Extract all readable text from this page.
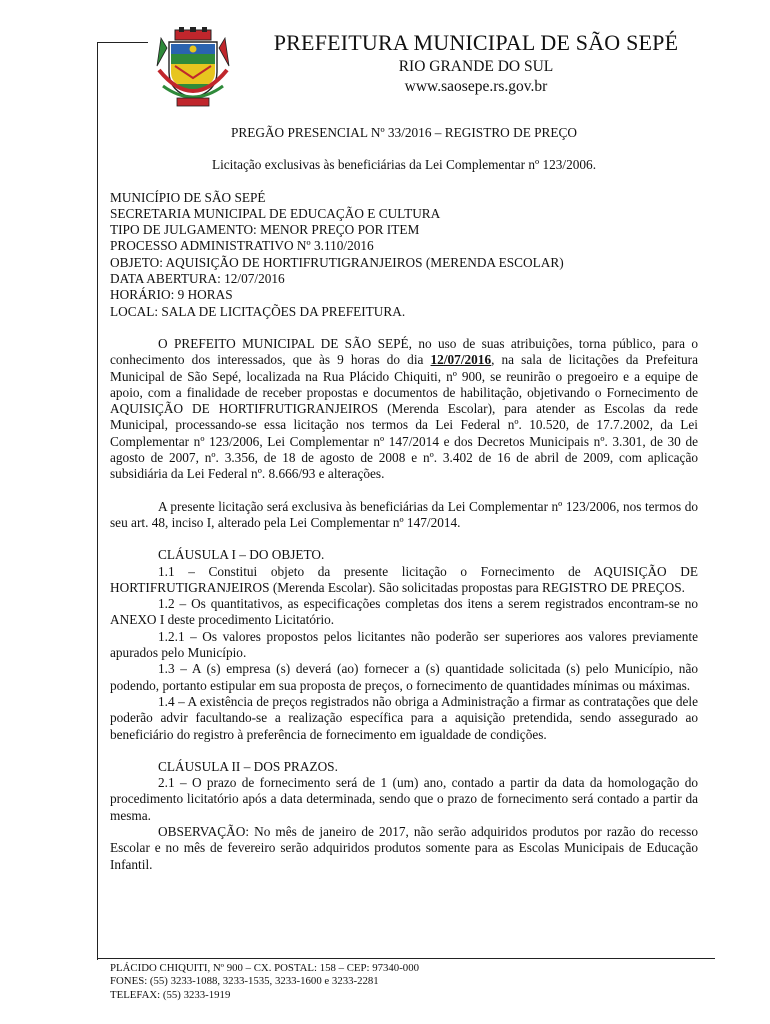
PREFEITURA MUNICIPAL DE SÃO SEPÉ
RIO GRANDE DO SUL
www.saosepe.rs.gov.br

PREGÃO PRESENCIAL Nº 33/2016 – REGISTRO DE PREÇO

Licitação exclusivas às beneficiárias da Lei Complementar nº 123/2006.

MUNICÍPIO DE SÃO SEPÉ
SECRETARIA MUNICIPAL DE EDUCAÇÃO E CULTURA
TIPO DE JULGAMENTO: MENOR PREÇO POR ITEM
PROCESSO ADMINISTRATIVO Nº 3.110/2016
OBJETO: AQUISIÇÃO DE HORTIFRUTIGRANJEIROS (MERENDA ESCOLAR)
DATA ABERTURA: 12/07/2016
HORÁRIO: 9 HORAS
LOCAL: SALA DE LICITAÇÕES DA PREFEITURA.

O PREFEITO MUNICIPAL DE SÃO SEPÉ, no uso de suas atribuições, torna público, para o conhecimento dos interessados, que às 9 horas do dia 12/07/2016, na sala de licitações da Prefeitura Municipal de São Sepé, localizada na Rua Plácido Chiquiti, nº 900, se reunirão o pregoeiro e a equipe de apoio, com a finalidade de receber propostas e documentos de habilitação, objetivando o Fornecimento de AQUISIÇÃO DE HORTIFRUTIGRANJEIROS (Merenda Escolar), para atender as Escolas da rede Municipal, processando-se essa licitação nos termos da Lei Federal nº. 10.520, de 17.7.2002, da Lei Complementar nº 123/2006, Lei Complementar nº 147/2014 e dos Decretos Municipais nº. 3.301, de 30 de agosto de 2007, nº. 3.356, de 18 de agosto de 2008 e nº. 3.402 de 16 de abril de 2009, com aplicação subsidiária da Lei Federal nº. 8.666/93 e alterações.

A presente licitação será exclusiva às beneficiárias da Lei Complementar nº 123/2006, nos termos do seu art. 48, inciso I, alterado pela Lei Complementar nº 147/2014.

CLÁUSULA I – DO OBJETO.

1.1 – Constitui objeto da presente licitação o Fornecimento de AQUISIÇÃO DE HORTIFRUTIGRANJEIROS (Merenda Escolar). São solicitadas propostas para REGISTRO DE PREÇOS.

1.2 – Os quantitativos, as especificações completas dos itens a serem registrados encontram-se no ANEXO I deste procedimento Licitatório.

1.2.1 – Os valores propostos pelos licitantes não poderão ser superiores aos valores previamente apurados pelo Município.

1.3 – A (s) empresa (s) deverá (ao) fornecer a (s) quantidade solicitada (s) pelo Município, não podendo, portanto estipular em sua proposta de preços, o fornecimento de quantidades mínimas ou máximas.

1.4 – A existência de preços registrados não obriga a Administração a firmar as contratações que dele poderão advir facultando-se a realização específica para a aquisição pretendida, sendo assegurado ao beneficiário do registro à preferência de fornecimento em igualdade de condições.

CLÁUSULA II – DOS PRAZOS.

2.1 – O prazo de fornecimento será de 1 (um) ano, contado a partir da data da homologação do procedimento licitatório após a data determinada, sendo que o prazo de fornecimento será contado a partir da mesma.

OBSERVAÇÃO: No mês de janeiro de 2017, não serão adquiridos produtos por razão do recesso Escolar e no mês de fevereiro serão adquiridos produtos somente para as Escolas Municipais de Educação Infantil.

PLÁCIDO CHIQUITI, Nº 900 – CX. POSTAL: 158 – CEP: 97340-000
FONES: (55) 3233-1088, 3233-1535, 3233-1600 e 3233-2281
TELEFAX: (55) 3233-1919
